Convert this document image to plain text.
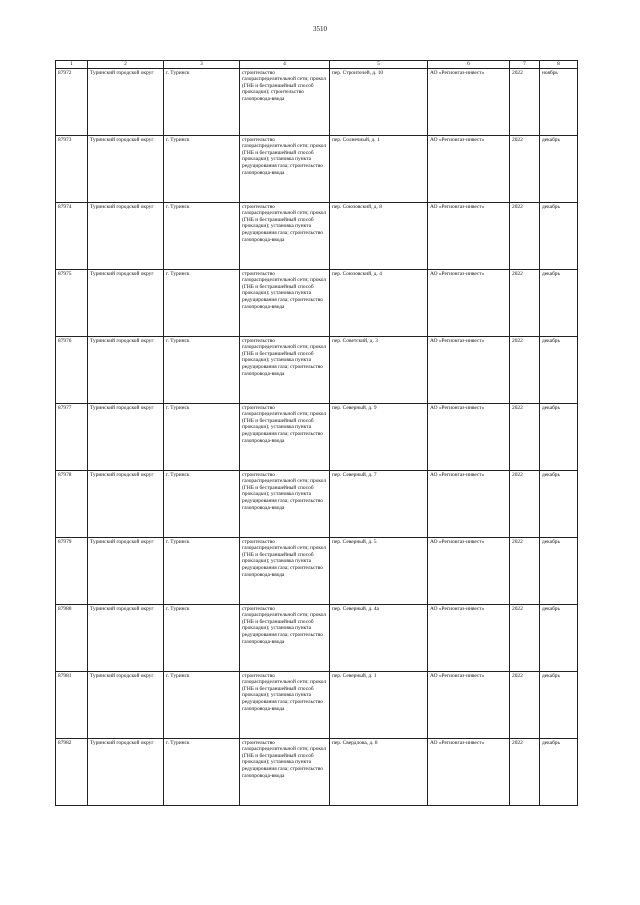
3510
1	2	3	4	5	6	7	8
87972	Туринский городской округ	г. Туринск	строительство газораспределительной сети; прокол (ГНБ и бестраншейный способ прокладки); строительство газопровода-ввода	пер. Строителей, д. 10	АО «Регионгаз-инвест»	2022	ноябрь
87973	Туринский городской округ	г. Туринск	строительство газораспределительной сети; прокол (ГНБ и бестраншейный способ прокладки); установка пункта редуцирования газа; строительство газопровода-ввода	пер. Солнечный, д. 1	АО «Регионгаз-инвест»	2022	декабрь
87974	Туринский городской округ	г. Туринск	строительство газораспределительной сети; прокол (ГНБ и бестраншейный способ прокладки); установка пункта редуцирования газа; строительство газопровода-ввода	пер. Союзовский, д. 8	АО «Регионгаз-инвест»	2022	декабрь
87975	Туринский городской округ	г. Туринск	строительство газораспределительной сети; прокол (ГНБ и бестраншейный способ прокладки); установка пункта редуцирования газа; строительство газопровода-ввода	пер. Союзовский, д. 4	АО «Регионгаз-инвест»	2022	декабрь
87976	Туринский городской округ	г. Туринск	строительство газораспределительной сети; прокол (ГНБ и бестраншейный способ прокладки); установка пункта редуцирования газа; строительство газопровода-ввода	пер. Советский, д. 3	АО «Регионгаз-инвест»	2022	декабрь
87977	Туринский городской округ	г. Туринск	строительство газораспределительной сети; прокол (ГНБ и бестраншейный способ прокладки); установка пункта редуцирования газа; строительство газопровода-ввода	пер. Северный, д. 9	АО «Регионгаз-инвест»	2022	декабрь
87978	Туринский городской округ	г. Туринск	строительство газораспределительной сети; прокол (ГНБ и бестраншейный способ прокладки); установка пункта редуцирования газа; строительство газопровода-ввода	пер. Северный, д. 7	АО «Регионгаз-инвест»	2022	декабрь
87979	Туринский городской округ	г. Туринск	строительство газораспределительной сети; прокол (ГНБ и бестраншейный способ прокладки); установка пункта редуцирования газа; строительство газопровода-ввода	пер. Северный, д. 5	АО «Регионгаз-инвест»	2022	декабрь
87980	Туринский городской округ	г. Туринск	строительство газораспределительной сети; прокол (ГНБ и бестраншейный способ прокладки); установка пункта редуцирования газа; строительство газопровода-ввода	пер. Северный, д. 4а	АО «Регионгаз-инвест»	2022	декабрь
87981	Туринский городской округ	г. Туринск	строительство газораспределительной сети; прокол (ГНБ и бестраншейный способ прокладки); установка пункта редуцирования газа; строительство газопровода-ввода	пер. Северный, д. 1	АО «Регионгаз-инвест»	2022	декабрь
87982	Туринский городской округ	г. Туринск	строительство газораспределительной сети; прокол (ГНБ и бестраншейный способ прокладки); установка пункта редуцирования газа; строительство газопровода-ввода	пер. Свердлова, д. 8	АО «Регионгаз-инвест»	2022	декабрь
